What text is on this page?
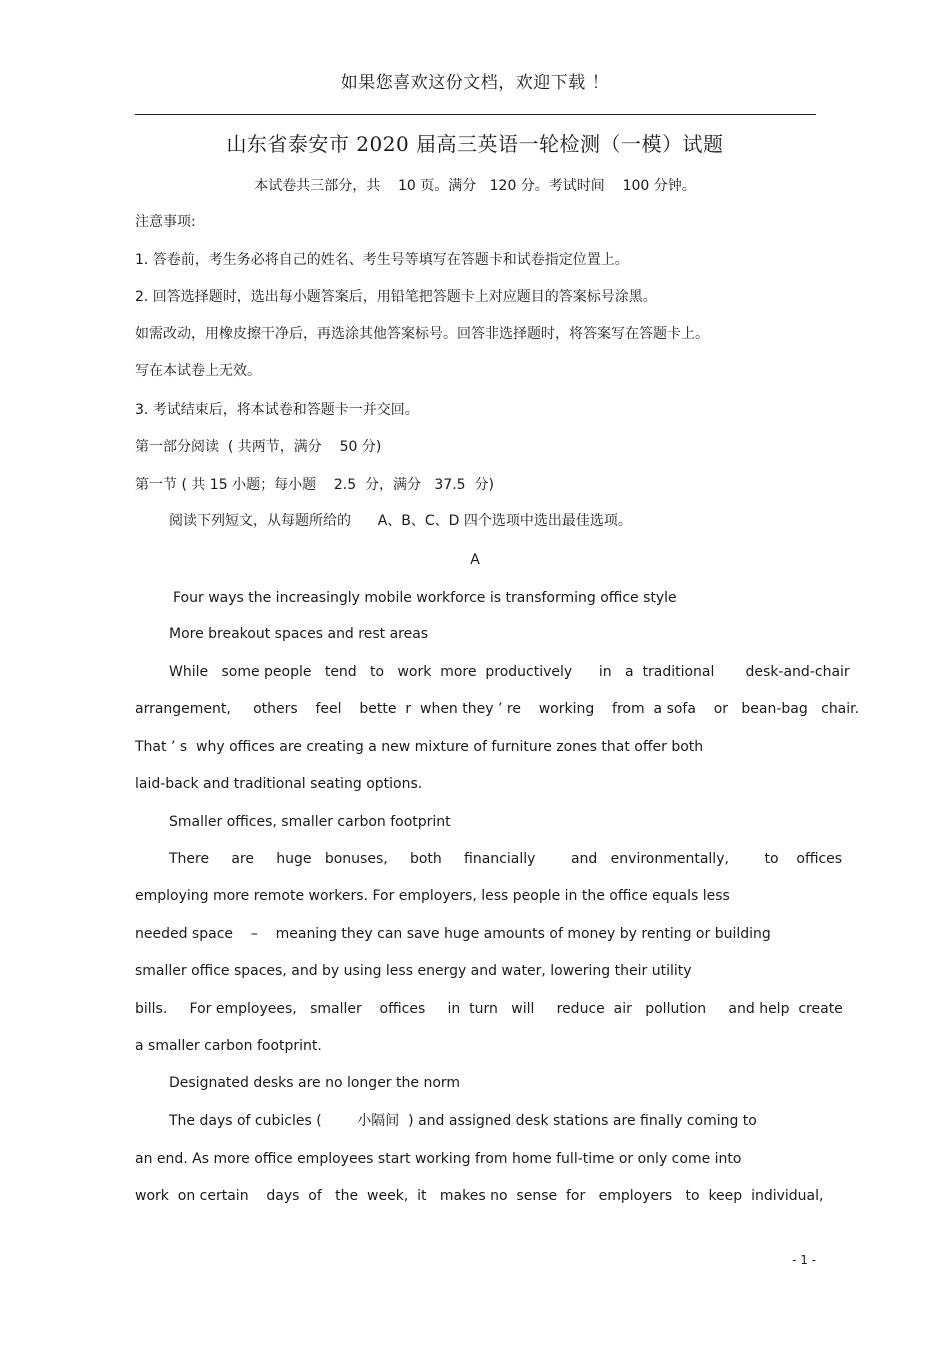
如果您喜欢这份文档，欢迎下载 ！
山东省泰安市 2020 届高三英语一轮检测（一模）试题
本试卷共三部分，共    10 页。满分   120 分。考试时间    100 分钟。
注意事项:
1. 答卷前，考生务必将自己的姓名、考生号等填写在答题卡和试卷指定位置上。
2. 回答选择题时，选出每小题答案后，用铅笔把答题卡上对应题目的答案标号涂黑。
如需改动，用橡皮擦干净后，再选涂其他答案标号。回答非选择题时，将答案写在答题卡上。
写在本试卷上无效。
3. 考试结束后，将本试卷和答题卡一并交回。
第一部分阅读  ( 共两节，满分    50 分)
第一节 ( 共 15 小题；每小题    2.5  分，满分   37.5  分)
阅读下列短文，从每题所给的      A、B、C、D 四个选项中选出最佳选项。
A
Four ways the increasingly mobile workforce is transforming office style
More breakout spaces and rest areas
While   some people   tend   to   work  more  productively      in   a  traditional       desk-and-chair
arrangement,     others    feel    bette  r  when they ’ re    working    from  a sofa    or   bean-bag   chair.
That ’ s  why offices are creating a new mixture of furniture zones that offer both
laid-back and traditional seating options.
Smaller offices, smaller carbon footprint
There     are     huge   bonuses,     both     financially        and   environmentally,        to    offices
employing more remote workers. For employers, less people in the office equals less
needed space    –    meaning they can save huge amounts of money by renting or building
smaller office spaces, and by using less energy and water, lowering their utility
bills.     For employees,   smaller    offices     in  turn   will     reduce  air   pollution     and help  create
a smaller carbon footprint.
Designated desks are no longer the norm
The days of cubicles (        小隔间  ) and assigned desk stations are finally coming to
an end. As more office employees start working from home full-time or only come into
work  on certain    days  of   the  week,  it   makes no  sense  for   employers   to  keep  individual,
- 1 -
